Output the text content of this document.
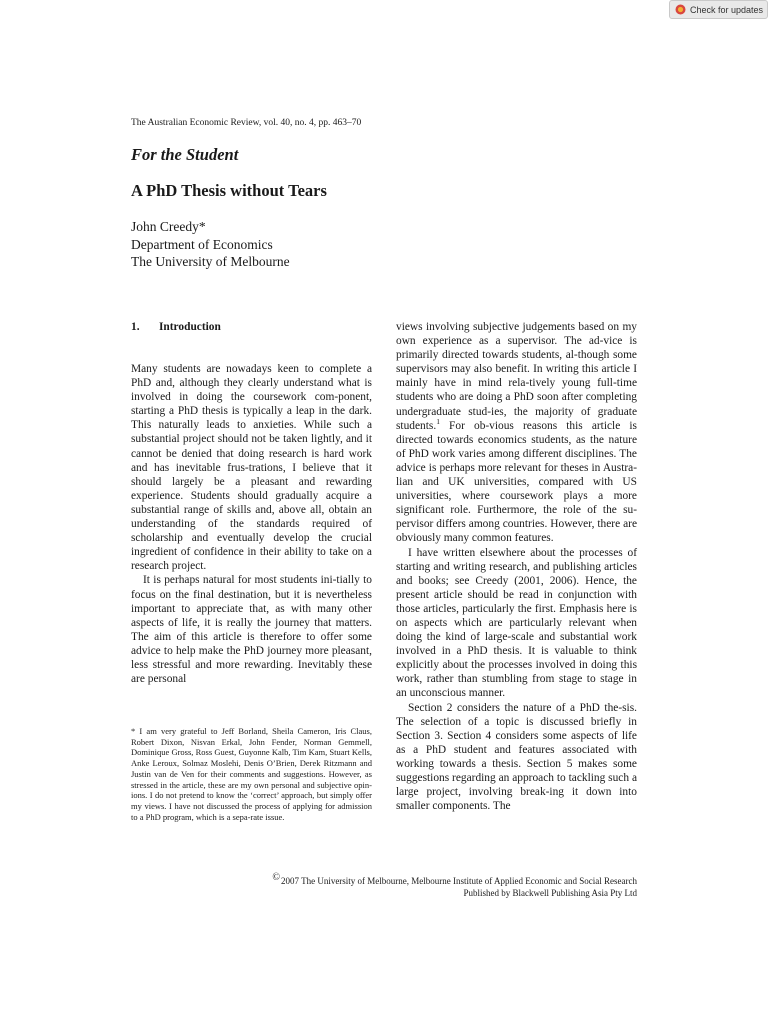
Check for updates
The Australian Economic Review, vol. 40, no. 4, pp. 463–70
For the Student
A PhD Thesis without Tears
John Creedy*
Department of Economics
The University of Melbourne

1. Introduction

Many students are nowadays keen to complete a PhD and, although they clearly understand what is involved in doing the coursework com-ponent, starting a PhD thesis is typically a leap in the dark. This naturally leads to anxieties. While such a substantial project should not be taken lightly, and it cannot be denied that doing research is hard work and has inevitable frus-trations, I believe that it should largely be a pleasant and rewarding experience. Students should gradually acquire a substantial range of skills and, above all, obtain an understanding of the standards required of scholarship and eventually develop the crucial ingredient of confidence in their ability to take on a research project.

It is perhaps natural for most students ini-tially to focus on the final destination, but it is nevertheless important to appreciate that, as with many other aspects of life, it is really the journey that matters. The aim of this article is therefore to offer some advice to help make the PhD journey more pleasant, less stressful and more rewarding. Inevitably these are personal

views involving subjective judgements based on my own experience as a supervisor. The ad-vice is primarily directed towards students, al-though some supervisors may also benefit. In writing this article I mainly have in mind rela-tively young full-time students who are doing a PhD soon after completing undergraduate stud-ies, the majority of graduate students.$^1$ For ob-vious reasons this article is directed towards economics students, as the nature of PhD work varies among different disciplines. The advice is perhaps more relevant for theses in Austra-lian and UK universities, compared with US universities, where coursework plays a more significant role. Furthermore, the role of the su-pervisor differs among countries. However, there are obviously many common features.

I have written elsewhere about the processes of starting and writing research, and publishing articles and books; see Creedy (2001, 2006). Hence, the present article should be read in conjunction with those articles, particularly the first. Emphasis here is on aspects which are particularly relevant when doing the kind of large-scale and substantial work involved in a PhD thesis. It is valuable to think explicitly about the processes involved in doing this work, rather than stumbling from stage to stage in an unconscious manner.

Section 2 considers the nature of a PhD the-sis. The selection of a topic is discussed briefly in Section 3. Section 4 considers some aspects of life as a PhD student and features associated with working towards a thesis. Section 5 makes some suggestions regarding an approach to tackling such a large project, involving break-ing it down into smaller components. The

* I am very grateful to Jeff Borland, Sheila Cameron, Iris Claus, Robert Dixon, Nisvan Erkal, John Fender, Norman Gemmell, Dominique Gross, Ross Guest, Guyonne Kalb, Tim Kam, Stuart Kells, Anke Leroux, Solmaz Moslehi, Denis O’Brien, Derek Ritzmann and Justin van de Ven for their comments and suggestions. However, as stressed in the article, these are my own personal and subjective opin-ions. I do not pretend to know the ‘correct’ approach, but simply offer my views. I have not discussed the process of applying for admission to a PhD program, which is a sepa-rate issue.
©2007 The University of Melbourne, Melbourne Institute of Applied Economic and Social Research
Published by Blackwell Publishing Asia Pty Ltd
